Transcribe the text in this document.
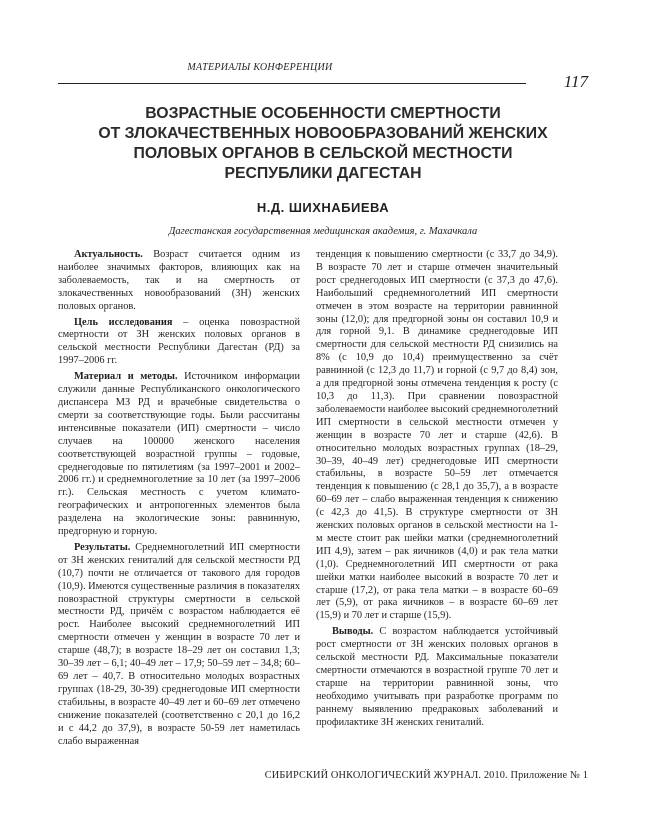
МАТЕРИАЛЫ КОНФЕРЕНЦИИ
117
ВОЗРАСТНЫЕ ОСОБЕННОСТИ СМЕРТНОСТИ
ОТ ЗЛОКАЧЕСТВЕННЫХ НОВООБРАЗОВАНИЙ ЖЕНСКИХ
ПОЛОВЫХ ОРГАНОВ В СЕЛЬСКОЙ МЕСТНОСТИ
РЕСПУБЛИКИ ДАГЕСТАН
Н.Д. ШИХНАБИЕВА
Дагестанская государственная медицинская академия, г. Махачкала

Актуальность. Возраст считается одним из наиболее значимых факторов, влияющих как на заболеваемость, так и на смертность от злокачественных новообразований (ЗН) женских половых органов.

Цель исследования – оценка повозрастной смертности от ЗН женских половых органов в сельской местности Республики Дагестан (РД) за 1997–2006 гг.

Материал и методы. Источником информации служили данные Республиканского онкологического диспансера МЗ РД и врачебные свидетельства о смерти за соответствующие годы. Были рассчитаны интенсивные показатели (ИП) смертности – число случаев на 100000 женского населения соответствующей возрастной группы – годовые, среднегодовые по пятилетиям (за 1997–2001 и 2002–2006 гг.) и среднемноголетние за 10 лет (за 1997–2006 гг.). Сельская местность с учетом климато-географических и антропогенных элементов была разделена на экологические зоны: равнинную, предгорную и горную.

Результаты. Среднемноголетний ИП смертности от ЗН женских гениталий для сельской местности РД (10,7) почти не отличается от такового для городов (10,9). Имеются существенные различия в показателях повозрастной структуры смертности в сельской местности РД, причём с возрастом наблюдается её рост. Наиболее высокий среднемноголетний ИП смертности отмечен у женщин в возрасте 70 лет и старше (48,7); в возрасте 18–29 лет он составил 1,3; 30–39 лет – 6,1; 40–49 лет – 17,9; 50–59 лет – 34,8; 60–69 лет – 40,7. В относительно молодых возрастных группах (18-29, 30-39) среднегодовые ИП смертности стабильны, в возрасте 40–49 лет и 60–69 лет отмечено снижение показателей (соответственно с 20,1 до 16,2 и с 44,2 до 37,9), в возрасте 50-59 лет наметилась слабо выраженная

тенденция к повышению смертности (с 33,7 до 34,9). В возрасте 70 лет и старше отмечен значительный рост среднегодовых ИП смертности (с 37,3 до 47,6). Наибольший среднемноголетний ИП смертности отмечен в этом возрасте на территории равнинной зоны (12,0); для предгорной зоны он составил 10,9 и для горной 9,1. В динамике среднегодовые ИП смертности для сельской местности РД снизились на 8% (с 10,9 до 10,4) преимущественно за счёт равнинной (с 12,3 до 11,7) и горной (с 9,7 до 8,4) зон, а для предгорной зоны отмечена тенденция к росту (с 10,3 до 11,3). При сравнении повозрастной заболеваемости наиболее высокий среднемноголетний ИП смертности в сельской местности отмечен у женщин в возрасте 70 лет и старше (42,6). В относительно молодых возрастных группах (18–29, 30–39, 40–49 лет) среднегодовые ИП смертности стабильны, в возрасте 50–59 лет отмечается тенденция к повышению (с 28,1 до 35,7), а в возрасте 60–69 лет – слабо выраженная тенденция к снижению (с 42,3 до 41,5). В структуре смертности от ЗН женских половых органов в сельской местности на 1-м месте стоит рак шейки матки (среднемноголетний ИП 4,9), затем – рак яичников (4,0) и рак тела матки (1,0). Среднемноголетний ИП смертности от рака шейки матки наиболее высокий в возрасте 70 лет и старше (17,2), от рака тела матки – в возрасте 60–69 лет (5,9), от рака яичников – в возрасте 60–69 лет (15,9) и 70 лет и старше (15,9).

Выводы. С возрастом наблюдается устойчивый рост смертности от ЗН женских половых органов в сельской местности РД. Максимальные показатели смертности отмечаются в возрастной группе 70 лет и старше на территории равнинной зоны, что необходимо учитывать при разработке программ по раннему выявлению предраковых заболеваний и профилактике ЗН женских гениталий.

СИБИРСКИЙ ОНКОЛОГИЧЕСКИЙ ЖУРНАЛ. 2010. Приложение № 1
